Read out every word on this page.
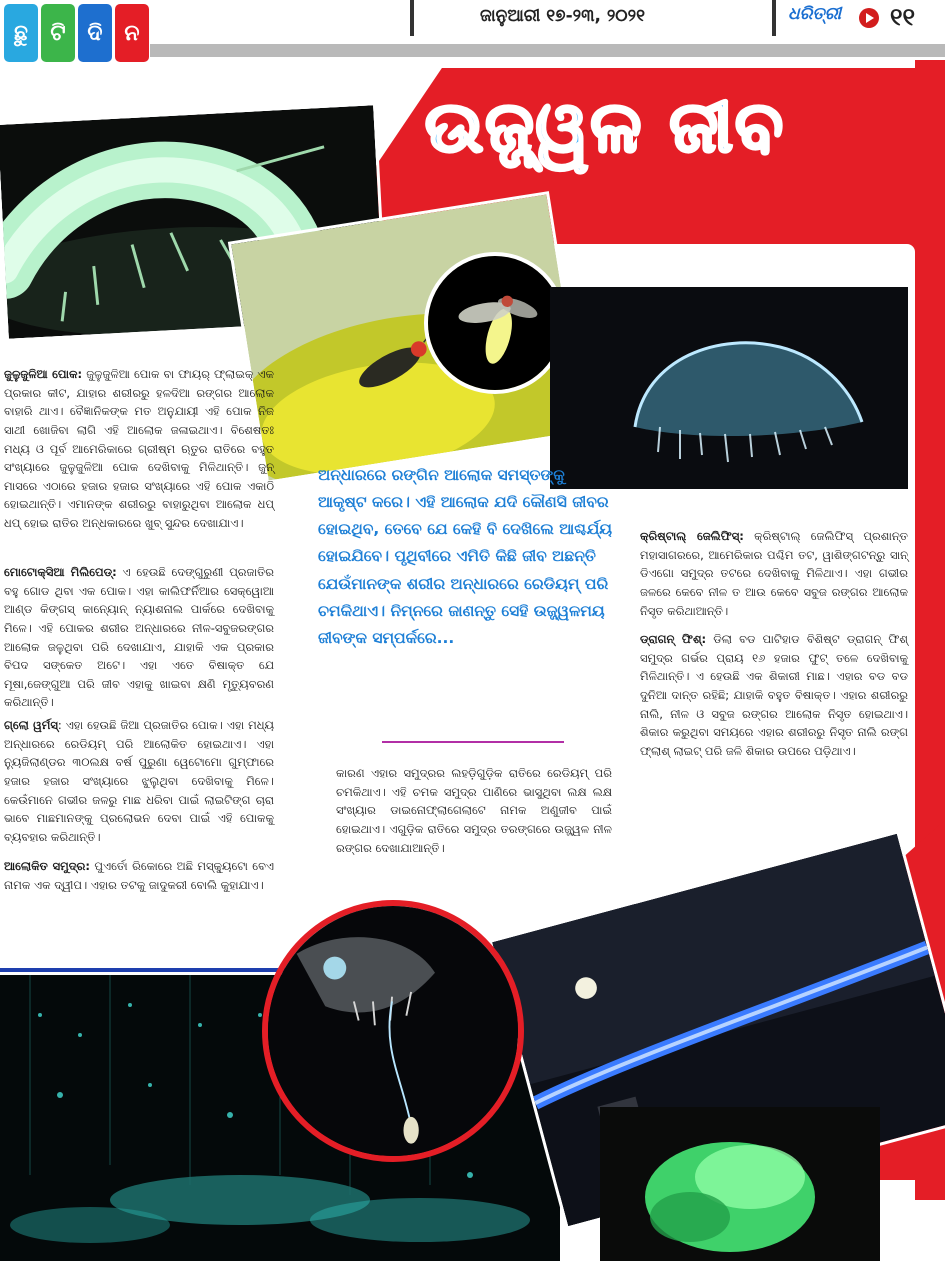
ଛୁ	ଟି ଦି ନ
ଜାନୁଆରୀ ୧୭-୨୩, ୨୦୨୧	ଧରିତ୍ରୀ ୧୧
ଉଜ୍ଜ୍ୱଳ ଜୀବ
ଅନ୍ଧାରରେ ରଙ୍ଗିନ ଆଲୋକ ସମସ୍ତଙ୍କୁ ଆକୃଷ୍ଟ କରେ। ଏହି ଆଲୋକ ଯଦି କୌଣସି ଜୀବର ହୋଇଥିବ, ତେବେ ଯେ କେହି ବି ଦେଖିଲେ ଆଶ୍ଚର୍ଯ୍ୟ ହୋଇଯିବେ। ପୃଥିବୀରେ ଏମିତି କିଛି ଜୀବ ଅଛନ୍ତି ଯେଉଁମାନଙ୍କ ଶରୀର ଅନ୍ଧାରରେ ରେଡିୟମ୍ ପରି ଚମକିଥାଏ। ନିମ୍ନରେ ଜାଣନ୍ତୁ ସେହି ଉଜ୍ଜ୍ୱଳମୟ ଜୀବଙ୍କ ସମ୍ପର୍କରେ...
ଜୁଳୁଜୁଳିଆ ପୋକ: ଜୁଳୁଜୁଳିଆ ପୋକ ବା ଫାୟର୍ ଫ୍ଲାଇକ୍ ଏକ ପ୍ରକାର କୀଟ, ଯାହାର ଶରୀରରୁ ହଳଦିଆ ରଙ୍ଗର ଆଲୋକ ବାହାରି ଥାଏ। ବୈଜ୍ଞାନିକଙ୍କ ମତ ଅନୁଯାୟୀ ଏହି ପୋକ ନିଜ ସାଥୀ ଖୋଜିବା ଲାଗି ଏହି ଆଲୋକ ଜଳାଇଥାଏ। ବିଶେଷତଃ ମଧ୍ୟ ଓ ପୂର୍ବ ଆମେରିକାରେ ଗ୍ରୀଷ୍ମ ଋତୁର ରାତିରେ ବହୁତ ସଂଖ୍ୟାରେ ଜୁଳୁଜୁଳିଆ ପୋକ ଦେଖିବାକୁ ମିଳିଥାନ୍ତି। ଜୁନ୍ ମାସରେ ଏଠାରେ ହଜାର ହଜାର ସଂଖ୍ୟାରେ ଏହି ପୋକ ଏକାଠି ହୋଇଥାନ୍ତି। ଏମାନଙ୍କ ଶରୀରରୁ ବାହାରୁଥିବା ଆଲୋକ ଧପ୍ ଧପ୍ ହୋଇ ରାତିର ଅନ୍ଧକାରରେ ଖୁବ୍ ସୁନ୍ଦର ଦେଖାଯାଏ।
ମୋଟୋକ୍ସିଆ ମିଲିପେଡ୍: ଏ ହେଉଛି ଦେଙ୍ଗୁରୁଣୀ ପ୍ରଜାତିର ବହୁ ଗୋଡ ଥିବା ଏକ ପୋକ। ଏହା କାଲିଫର୍ନିଆର ସେକ୍ୱୋଆ ଆଣ୍ଡ କିଙ୍ଗସ୍ କାନ୍ୟୋନ୍ ନ୍ୟାଶନାଲ ପାର୍କରେ ଦେଖିବାକୁ ମିଳେ। ଏହି ପୋକର ଶରୀର ଅନ୍ଧାରରେ ନୀଳ-ସବୁଜରଙ୍ଗର ଆଲୋକ ଜଳୁଥିବା ପରି ଦେଖାଯାଏ, ଯାହାକି ଏକ ପ୍ରକାର ବିପଦ ସଙ୍କେତ ଅଟେ। ଏହା ଏତେ ବିଷାକ୍ତ ଯେ ମୂଷା,ଜେଙ୍ଗୁଆ ପରି ଜୀବ ଏହାକୁ ଖାଇବା କ୍ଷଣି ମୃତ୍ୟୁବରଣ କରିଥାନ୍ତି।
ଗ୍ଲୋ ୱର୍ମସ୍: ଏହା ହେଉଛି ଜିଆ ପ୍ରଜାତିର ପୋକ। ଏହା ମଧ୍ୟ ଅନ୍ଧାରରେ ରେଡିୟମ୍ ପରି ଆଲୋକିତ ହୋଇଥାଏ। ଏହା ନ୍ୟୁଜିଲାଣ୍ଡର ୩୦ଲକ୍ଷ ବର୍ଷ ପୁରୁଣା ୱେଟୋମୋ ଗୁମ୍ଫାରେ ହଜାର ହଜାର ସଂଖ୍ୟାରେ ଝୁଲୁଥିବା ଦେଖିବାକୁ ମିଳେ। କେଉଁମାନେ ଗଭୀର ଜଳରୁ ମାଛ ଧରିବା ପାଇଁ ଲାଇଟିଙ୍ଗ ଚାରା ଭାବେ ମାଛମାନଙ୍କୁ ପ୍ରଲୋଭନ ଦେବା ପାଇଁ ଏହି ପୋକକୁ ବ୍ୟବହାର କରିଥାନ୍ତି।
ଆଲୋକିତ ସମୁଦ୍ର: ପୁଏର୍ତୋ ରିକୋରେ ଅଛି ମସ୍କ୍ୟୁଟୋ ବେଏ ନାମକ ଏକ ଦ୍ୱୀପ। ଏହାର ତଟକୁ ଜାଦୁକରୀ ବୋଲି କୁହାଯାଏ।
କାରଣ ଏହାର ସମୁଦ୍ରର ଲହଡ଼ିଗୁଡ଼ିକ ରାତିରେ ରେଡିୟମ୍ ପରି ଚମକିଥାଏ। ଏହି ଚମକ ସମୁଦ୍ର ପାଣିରେ ଭାସୁଥିବା ଲକ୍ଷ ଲକ୍ଷ ସଂଖ୍ୟାର ଡାଇନୋଫ୍ଲାଗେଲାଟେ ନାମକ ଅଣୁଜୀବ ପାଇଁ ହୋଇଥାଏ। ଏଗୁଡ଼ିକ ରାତିରେ ସମୁଦ୍ର ତରଙ୍ଗରେ ଉଜ୍ଜ୍ୱଳ ନୀଳ ରଙ୍ଗର ଦେଖାଯାଆନ୍ତି।
କ୍ରିଷ୍ଟାଲ୍ ଜେଲିଫିସ୍: କ୍ରିଷ୍ଟାଲ୍ ଜେଲିଫିସ୍ ପ୍ରଶାନ୍ତ ମହାସାଗରରେ, ଆମେରିକାର ପଶ୍ଚିମ ତଟ, ୱାଶିଙ୍ଗଟନ୍‌ରୁ ସାନ୍ ଡିଏଗୋ ସମୁଦ୍ର ତଟରେ ଦେଖିବାକୁ ମିଳିଥାଏ। ଏହା ଗଭୀର ଜଳରେ କେବେ ନୀଳ ତ ଆଉ କେବେ ସବୁଜ ରଙ୍ଗର ଆଲୋକ ନିସୃତ କରିଥାଆନ୍ତି।
ଡ୍ରାଗନ୍ ଫିଶ୍: ଡିଲା ବଡ ପାଟିହାଡ ବିଶିଷ୍ଟ ଡ୍ରାଗନ୍ ଫିଶ୍ ସମୁଦ୍ର ଗର୍ଭର ପ୍ରାୟ ୧୬ ହଜାର ଫୁଟ୍ ତଳେ ଦେଖିବାକୁ ମିଳିଥାନ୍ତି। ଏ ହେଉଛି ଏକ ଶିକାରୀ ମାଛ। ଏହାର ବଡ ବଡ ଦୁନିଆ ଦାନ୍ତ ରହିଛି; ଯାହାକି ବହୁତ ବିଷାକ୍ତ। ଏହାର ଶରୀରରୁ ନାଲି, ନୀଳ ଓ ସବୁଜ ରଙ୍ଗର ଆଲୋକ ନିସୃତ ହୋଇଥାଏ। ଶିକାର କରୁଥିବା ସମୟରେ ଏହାର ଶରୀରରୁ ନିସୃତ ନାଲି ରଙ୍ଗ ଫ୍ଲାଶ୍ ଲାଇଟ୍ ପରି ଜଳି ଶିକାର ଉପରେ ପଡ଼ିଥାଏ।
